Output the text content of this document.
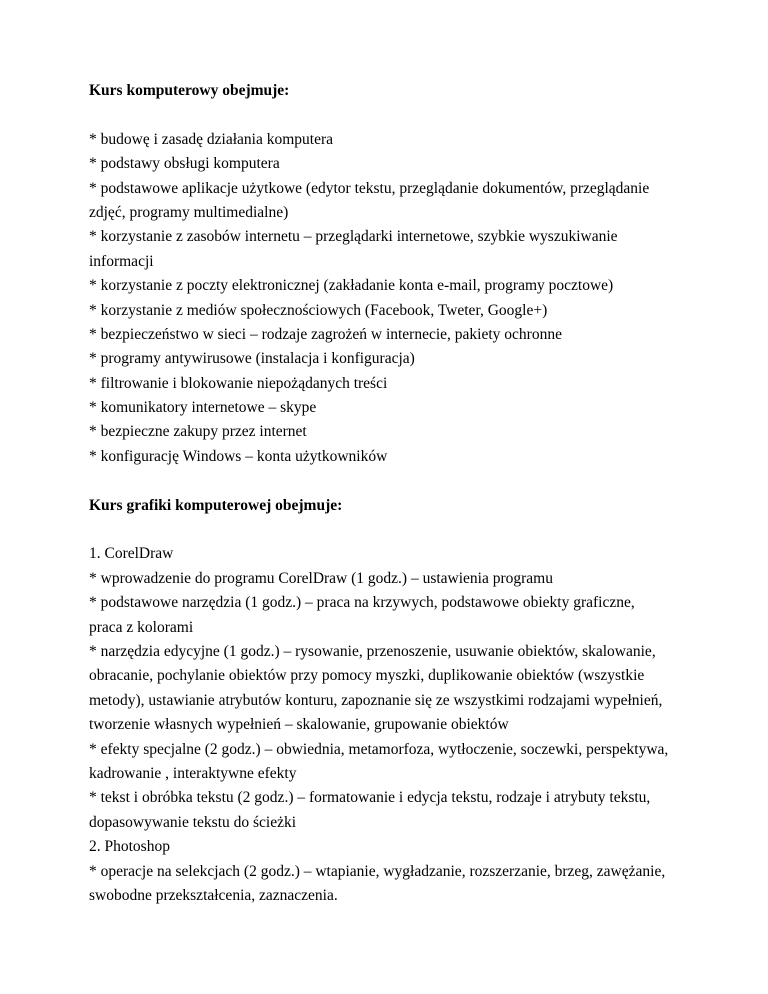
Kurs komputerowy obejmuje:
* budowę i zasadę działania komputera
* podstawy obsługi komputera
* podstawowe aplikacje użytkowe (edytor tekstu, przeglądanie dokumentów, przeglądanie
zdjęć, programy multimedialne)
* korzystanie z zasobów internetu – przeglądarki internetowe, szybkie wyszukiwanie
informacji
* korzystanie z poczty elektronicznej (zakładanie konta e-mail, programy pocztowe)
* korzystanie z mediów społecznościowych (Facebook, Tweter, Google+)
* bezpieczeństwo w sieci – rodzaje zagrożeń w internecie, pakiety ochronne
* programy antywirusowe (instalacja i konfiguracja)
* filtrowanie i blokowanie niepożądanych treści
* komunikatory internetowe – skype
* bezpieczne zakupy przez internet
* konfigurację Windows – konta użytkowników
Kurs grafiki komputerowej obejmuje:
1. CorelDraw
* wprowadzenie do programu CorelDraw (1 godz.) – ustawienia programu
* podstawowe narzędzia (1 godz.) – praca na krzywych, podstawowe obiekty graficzne,
praca z kolorami
* narzędzia edycyjne (1 godz.) – rysowanie, przenoszenie, usuwanie obiektów, skalowanie,
obracanie, pochylanie obiektów przy pomocy myszki, duplikowanie obiektów (wszystkie
metody), ustawianie atrybutów konturu, zapoznanie się ze wszystkimi rodzajami wypełnień,
tworzenie własnych wypełnień – skalowanie, grupowanie obiektów
* efekty specjalne (2 godz.) – obwiednia, metamorfoza, wytłoczenie, soczewki, perspektywa,
kadrowanie , interaktywne efekty
* tekst i obróbka tekstu (2 godz.) – formatowanie i edycja tekstu, rodzaje i atrybuty tekstu,
dopasowywanie tekstu do ścieżki
2. Photoshop
* operacje na selekcjach (2 godz.) – wtapianie, wygładzanie, rozszerzanie, brzeg, zawężanie,
swobodne przekształcenia, zaznaczenia.
